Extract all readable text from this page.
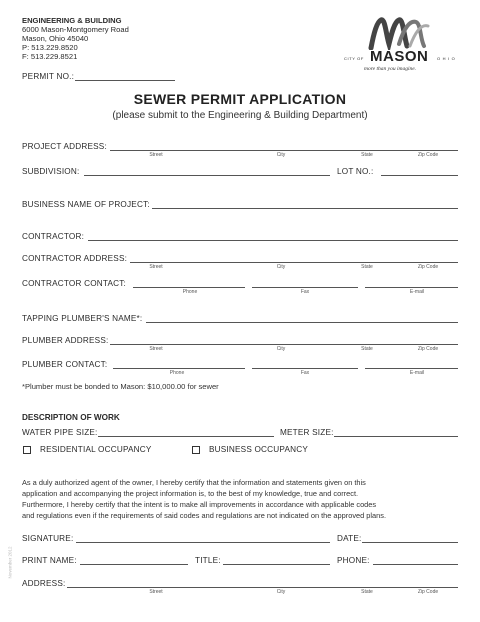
ENGINEERING & BUILDING
6000 Mason-Montgomery Road
Mason, Ohio 45040
P: 513.229.8520
F: 513.229.8521	CITY OF MASON OHIO
more than you imagine.
PERMIT NO.:
SEWER PERMIT APPLICATION
(please submit to the Engineering & Building Department)
PROJECT ADDRESS:
Street	City	State	Zip Code
SUBDIVISION:	LOT NO.:
BUSINESS NAME OF PROJECT:
CONTRACTOR:
CONTRACTOR ADDRESS:
Street	City	State	Zip Code
CONTRACTOR CONTACT:
Phone	Fax	E-mail
TAPPING PLUMBER'S NAME*:
PLUMBER ADDRESS:
Street	City	State	Zip Code
PLUMBER CONTACT:
Phone	Fax	E-mail
*Plumber must be bonded to Mason: $10,000.00 for sewer
DESCRIPTION OF WORK
WATER PIPE SIZE:	METER SIZE:
RESIDENTIAL OCCUPANCY	BUSINESS OCCUPANCY
As a duly authorized agent of the owner, I hereby certify that the information and statements given on this
application and accompanying the project information is, to the best of my knowledge, true and correct.
Furthermore, I hereby certify that the intent is to make all improvements in accordance with applicable codes
and regulations even if the requirements of said codes and regulations are not indicated on the approved plans.
SIGNATURE:	DATE:
PRINT NAME:	TITLE:	PHONE:
ADDRESS:
Street	City	State	Zip Code
November 2012
